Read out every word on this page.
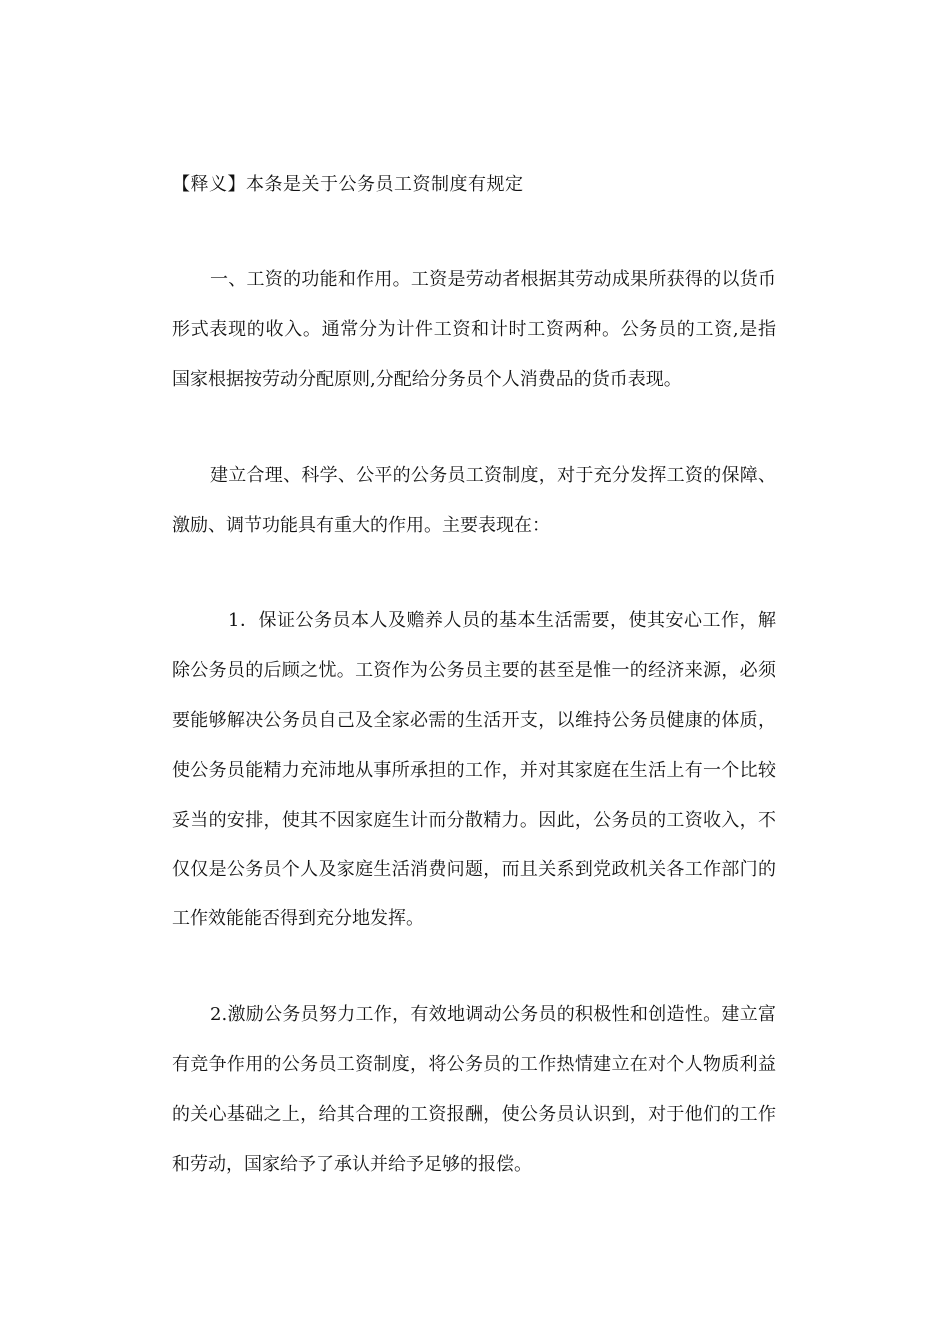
【释义】本条是关于公务员工资制度有规定
一、工资的功能和作用。工资是劳动者根据其劳动成果所获得的以货币
形式表现的收入。通常分为计件工资和计时工资两种。公务员的工资,是指
国家根据按劳动分配原则,分配给分务员个人消费品的货币表现。
建立合理、科学、公平的公务员工资制度，对于充分发挥工资的保障、
激励、调节功能具有重大的作用。主要表现在：
1．保证公务员本人及赡养人员的基本生活需要，使其安心工作，解
除公务员的后顾之忧。工资作为公务员主要的甚至是惟一的经济来源，必须
要能够解决公务员自己及全家必需的生活开支，以维持公务员健康的体质，
使公务员能精力充沛地从事所承担的工作，并对其家庭在生活上有一个比较
妥当的安排，使其不因家庭生计而分散精力。因此，公务员的工资收入，不
仅仅是公务员个人及家庭生活消费问题，而且关系到党政机关各工作部门的
工作效能能否得到充分地发挥。
2.激励公务员努力工作，有效地调动公务员的积极性和创造性。建立富
有竞争作用的公务员工资制度，将公务员的工作热情建立在对个人物质利益
的关心基础之上，给其合理的工资报酬，使公务员认识到，对于他们的工作
和劳动，国家给予了承认并给予足够的报偿。
